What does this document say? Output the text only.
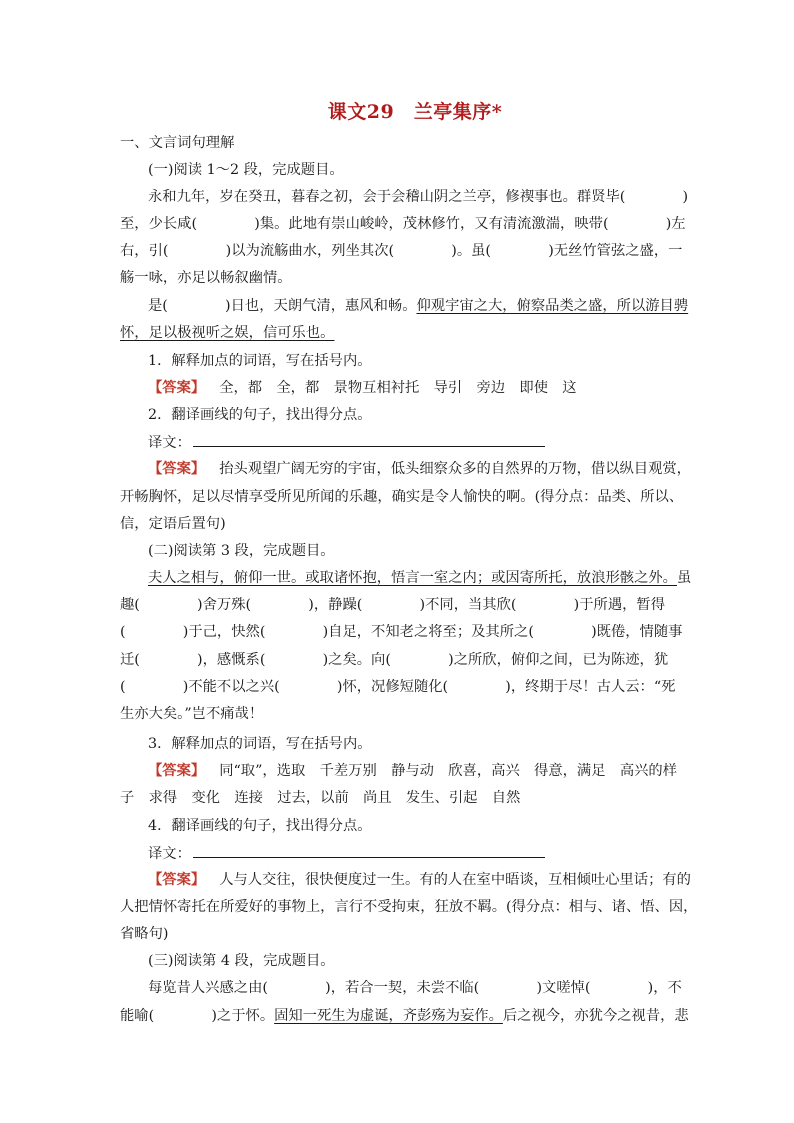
课文29　兰亭集序*
一、文言词句理解
(一)阅读 1～2 段，完成题目。
永和九年，岁在癸丑，暮春之初，会于会稽山阴之兰亭，修禊事也。群贤毕(　　　　)
至，少长咸(　　　　)集。此地有崇山峻岭，茂林修竹，又有清流激湍，映带(　　　　)左
右，引(　　　　)以为流觞曲水，列坐其次(　　　　)。虽(　　　　)无丝竹管弦之盛，一
觞一咏，亦足以畅叙幽情。
是(　　　　)日也，天朗气清，惠风和畅。仰观宇宙之大，俯察品类之盛，所以游目骋
怀，足以极视听之娱，信可乐也。
1．解释加点的词语，写在括号内。
【答案】 全，都　全，都　景物互相衬托　导引　旁边　即使　这
2．翻译画线的句子，找出得分点。
译文：
【答案】 抬头观望广阔无穷的宇宙，低头细察众多的自然界的万物，借以纵目观赏，
开畅胸怀，足以尽情享受所见所闻的乐趣，确实是令人愉快的啊。(得分点：品类、所以、
信，定语后置句)
(二)阅读第 3 段，完成题目。
夫人之相与，俯仰一世。或取诸怀抱，悟言一室之内；或因寄所托，放浪形骸之外。虽
趣(　　　　)舍万殊(　　　　)，静躁(　　　　)不同，当其欣(　　　　)于所遇，暂得
(　　　　)于己，快然(　　　　)自足，不知老之将至；及其所之(　　　　)既倦，情随事
迁(　　　　)，感慨系(　　　　)之矣。向(　　　　)之所欣，俯仰之间，已为陈迹，犹
(　　　　)不能不以之兴(　　　　)怀，况修短随化(　　　　)，终期于尽！古人云：“死
生亦大矣。”岂不痛哉！
3．解释加点的词语，写在括号内。
【答案】 同“取”，选取　千差万别　静与动　欣喜，高兴　得意，满足　高兴的样
子　求得　变化　连接　过去，以前　尚且　发生、引起　自然
4．翻译画线的句子，找出得分点。
译文：
【答案】 人与人交往，很快便度过一生。有的人在室中晤谈，互相倾吐心里话；有的
人把情怀寄托在所爱好的事物上，言行不受拘束，狂放不羁。(得分点：相与、诸、悟、因，
省略句)
(三)阅读第 4 段，完成题目。
每览昔人兴感之由(　　　　)，若合一契，未尝不临(　　　　)文嗟悼(　　　　)，不
能喻(　　　　)之于怀。固知一死生为虚诞，齐彭殇为妄作。后之视今，亦犹今之视昔，悲
